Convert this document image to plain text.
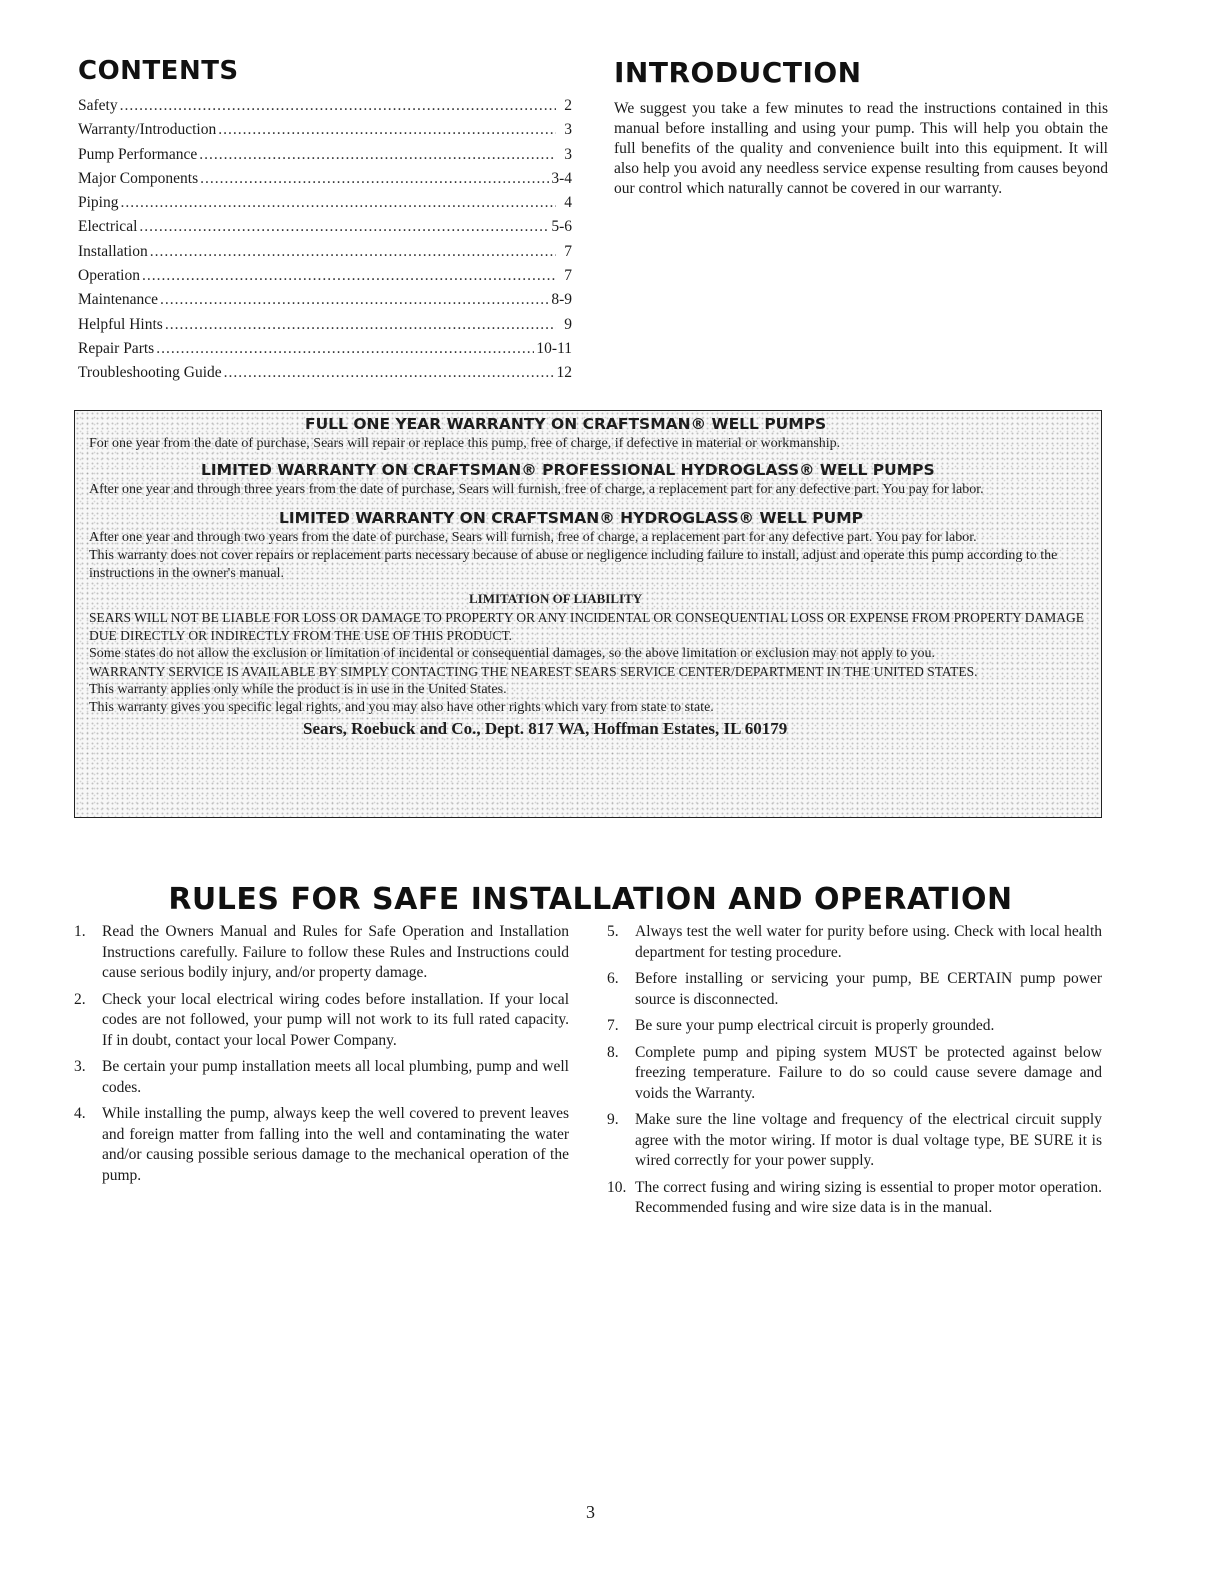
CONTENTS
Safety .....	2
Warranty/Introduction .....	3
Pump Performance .....	3
Major Components .....	3-4
Piping .....	4
Electrical .....	5-6
Installation .....	7
Operation .....	7
Maintenance .....	8-9
Helpful Hints .....	9
Repair Parts .....	10-11
Troubleshooting Guide .....	12
INTRODUCTION

We suggest you take a few minutes to read the instructions contained in this manual before installing and using your pump. This will help you obtain the full benefits of the quality and convenience built into this equipment. It will also help you avoid any needless service expense resulting from causes beyond our control which naturally cannot be covered in our warranty.

FULL ONE YEAR WARRANTY ON CRAFTSMAN® WELL PUMPS

For one year from the date of purchase, Sears will repair or replace this pump, free of charge, if defective in material or workmanship.

LIMITED WARRANTY ON CRAFTSMAN® PROFESSIONAL HYDROGLASS® WELL PUMPS

After one year and through three years from the date of purchase, Sears will furnish, free of charge, a replacement part for any defective part. You pay for labor.

LIMITED WARRANTY ON CRAFTSMAN® HYDROGLASS® WELL PUMP

After one year and through two years from the date of purchase, Sears will furnish, free of charge, a replacement part for any defective part. You pay for labor.

This warranty does not cover repairs or replacement parts necessary because of abuse or negligence including failure to install, adjust and operate this pump according to the instructions in the owner's manual.

LIMITATION OF LIABILITY

SEARS WILL NOT BE LIABLE FOR LOSS OR DAMAGE TO PROPERTY OR ANY INCIDENTAL OR CONSEQUENTIAL LOSS OR EXPENSE FROM PROPERTY DAMAGE DUE DIRECTLY OR INDIRECTLY FROM THE USE OF THIS PRODUCT.

Some states do not allow the exclusion or limitation of incidental or consequential damages, so the above limitation or exclusion may not apply to you.

WARRANTY SERVICE IS AVAILABLE BY SIMPLY CONTACTING THE NEAREST SEARS SERVICE CENTER/DEPARTMENT IN THE UNITED STATES.

This warranty applies only while the product is in use in the United States.

This warranty gives you specific legal rights, and you may also have other rights which vary from state to state.

Sears, Roebuck and Co., Dept. 817 WA, Hoffman Estates, IL 60179

RULES FOR SAFE INSTALLATION AND OPERATION
1.	Read the Owners Manual and Rules for Safe Operation and Installation Instructions carefully. Failure to follow these Rules and Instructions could cause serious bodily injury, and/or property damage.
2.	Check your local electrical wiring codes before installation. If your local codes are not followed, your pump will not work to its full rated capacity. If in doubt, contact your local Power Company.
3.	Be certain your pump installation meets all local plumbing, pump and well codes.
4.	While installing the pump, always keep the well covered to prevent leaves and foreign matter from falling into the well and contaminating the water and/or causing possible serious damage to the mechanical operation of the pump.
5.	Always test the well water for purity before using. Check with local health department for testing procedure.
6.	Before installing or servicing your pump, BE CERTAIN pump power source is disconnected.
7.	Be sure your pump electrical circuit is properly grounded.
8.	Complete pump and piping system MUST be protected against below freezing temperature. Failure to do so could cause severe damage and voids the Warranty.
9.	Make sure the line voltage and frequency of the electrical circuit supply agree with the motor wiring. If motor is dual voltage type, BE SURE it is wired correctly for your power supply.
10. The correct fusing and wiring sizing is essential to proper motor operation. Recommended fusing and wire size data is in the manual.
3
